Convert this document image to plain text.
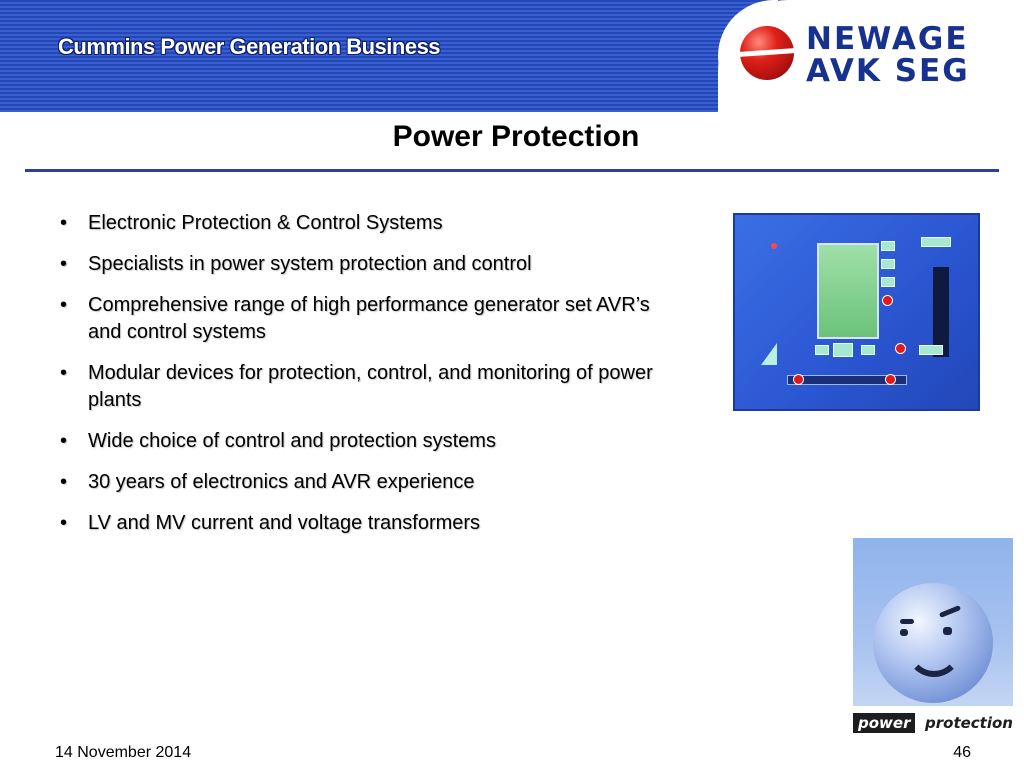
Cummins Power Generation Business	NEWAGE
AVK SEG
Power Protection
• Electronic Protection & Control Systems
• Specialists in power system protection and control
• Comprehensive range of high performance generator set AVR’s and control systems
• Modular devices for protection, control, and monitoring of power plants
• Wide choice of control and protection systems
• 30 years of electronics and AVR experience
• LV and MV current and voltage transformers
power protection
14 November 2014	46
